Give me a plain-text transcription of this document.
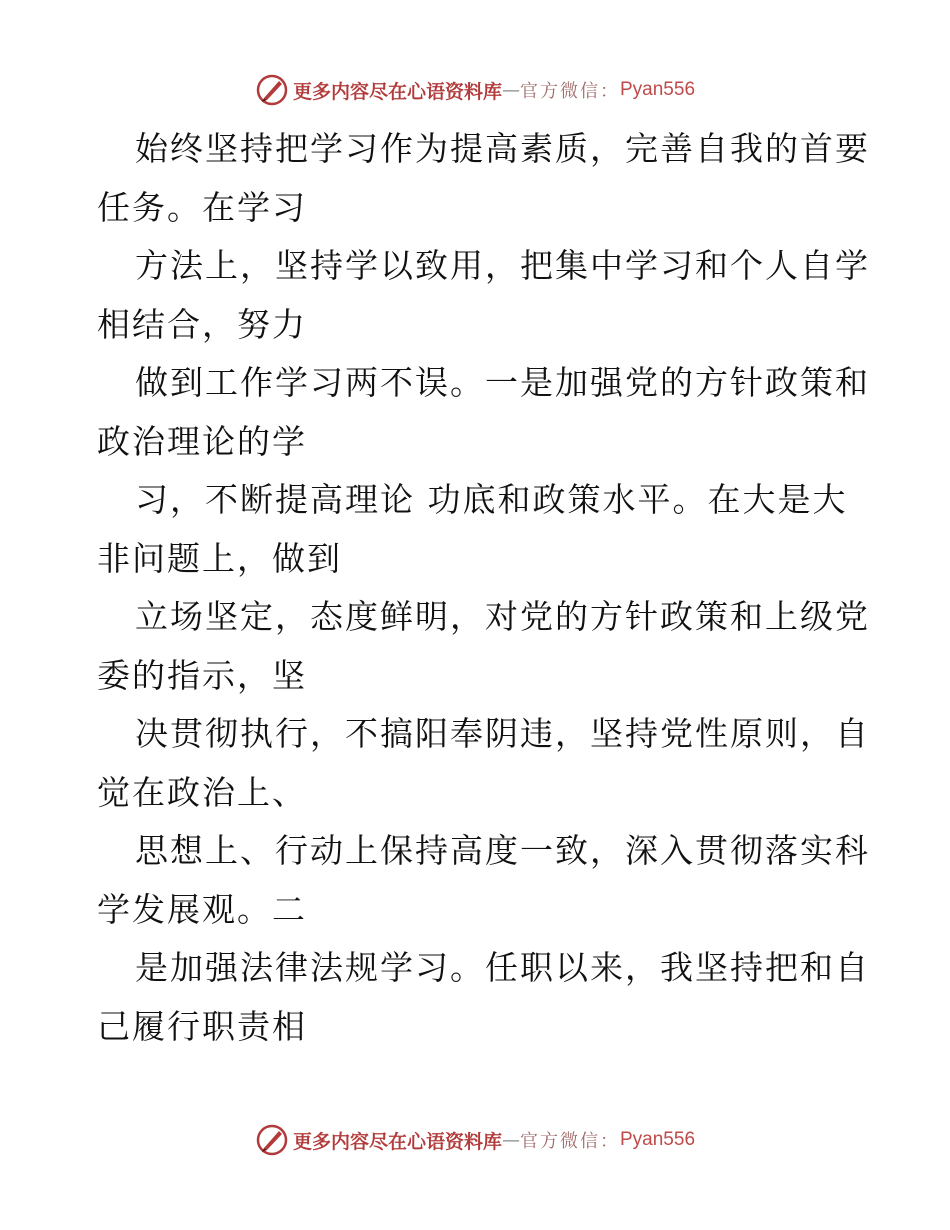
更多内容尽在心语资料库 — 官方微信： Pyan556
始终坚持把学习作为提高素质，完善自我的首要
任务。在学习
方法上，坚持学以致用，把集中学习和个人自学
相结合，努力
做到工作学习两不误。一是加强党的方针政策和
政治理论的学
习，不断提高理论 功底和政策水平。在大是大
非问题上，做到
立场坚定，态度鲜明，对党的方针政策和上级党
委的指示，坚
决贯彻执行，不搞阳奉阴违，坚持党性原则，自
觉在政治上、
思想上、行动上保持高度一致，深入贯彻落实科
学发展观。二
是加强法律法规学习。任职以来，我坚持把和自
己履行职责相
更多内容尽在心语资料库 — 官方微信： Pyan556
